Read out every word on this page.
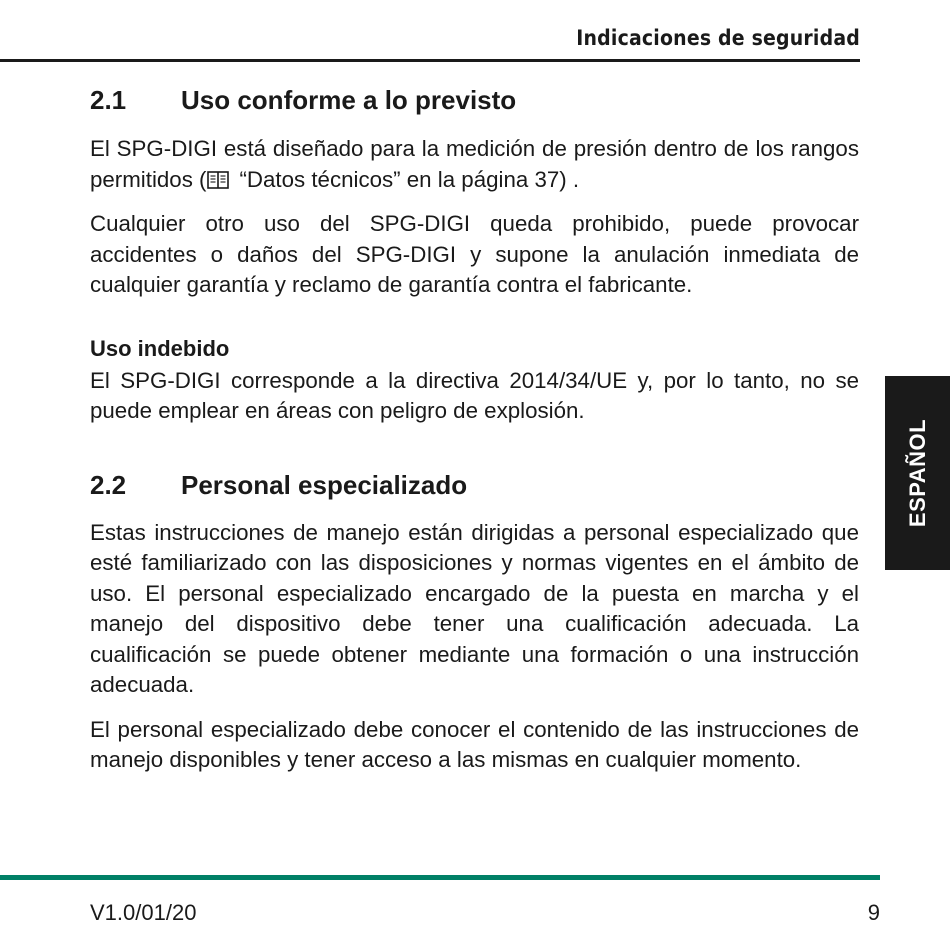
Indicaciones de seguridad
ESPAÑOL
2.1	Uso conforme a lo previsto

El SPG-DIGI está diseñado para la medición de presión dentro de los rangos permitidos ( “Datos técnicos” en la página 37) .

Cualquier otro uso del SPG-DIGI queda prohibido, puede provocar accidentes o daños del SPG-DIGI y supone la anulación inmediata de cualquier garantía y reclamo de garantía contra el fabricante.

Uso indebido

El SPG-DIGI corresponde a la directiva 2014/34/UE y, por lo tanto, no se puede emplear en áreas con peligro de explosión.

2.2	Personal especializado

Estas instrucciones de manejo están dirigidas a personal especializado que esté familiarizado con las disposiciones y normas vigentes en el ámbito de uso. El personal especializado encargado de la puesta en marcha y el manejo del dispositivo debe tener una cualificación adecuada. La cualificación se puede obtener mediante una formación o una instrucción adecuada.

El personal especializado debe conocer el contenido de las instrucciones de manejo disponibles y tener acceso a las mismas en cualquier momento.

V1.0/01/20	9
